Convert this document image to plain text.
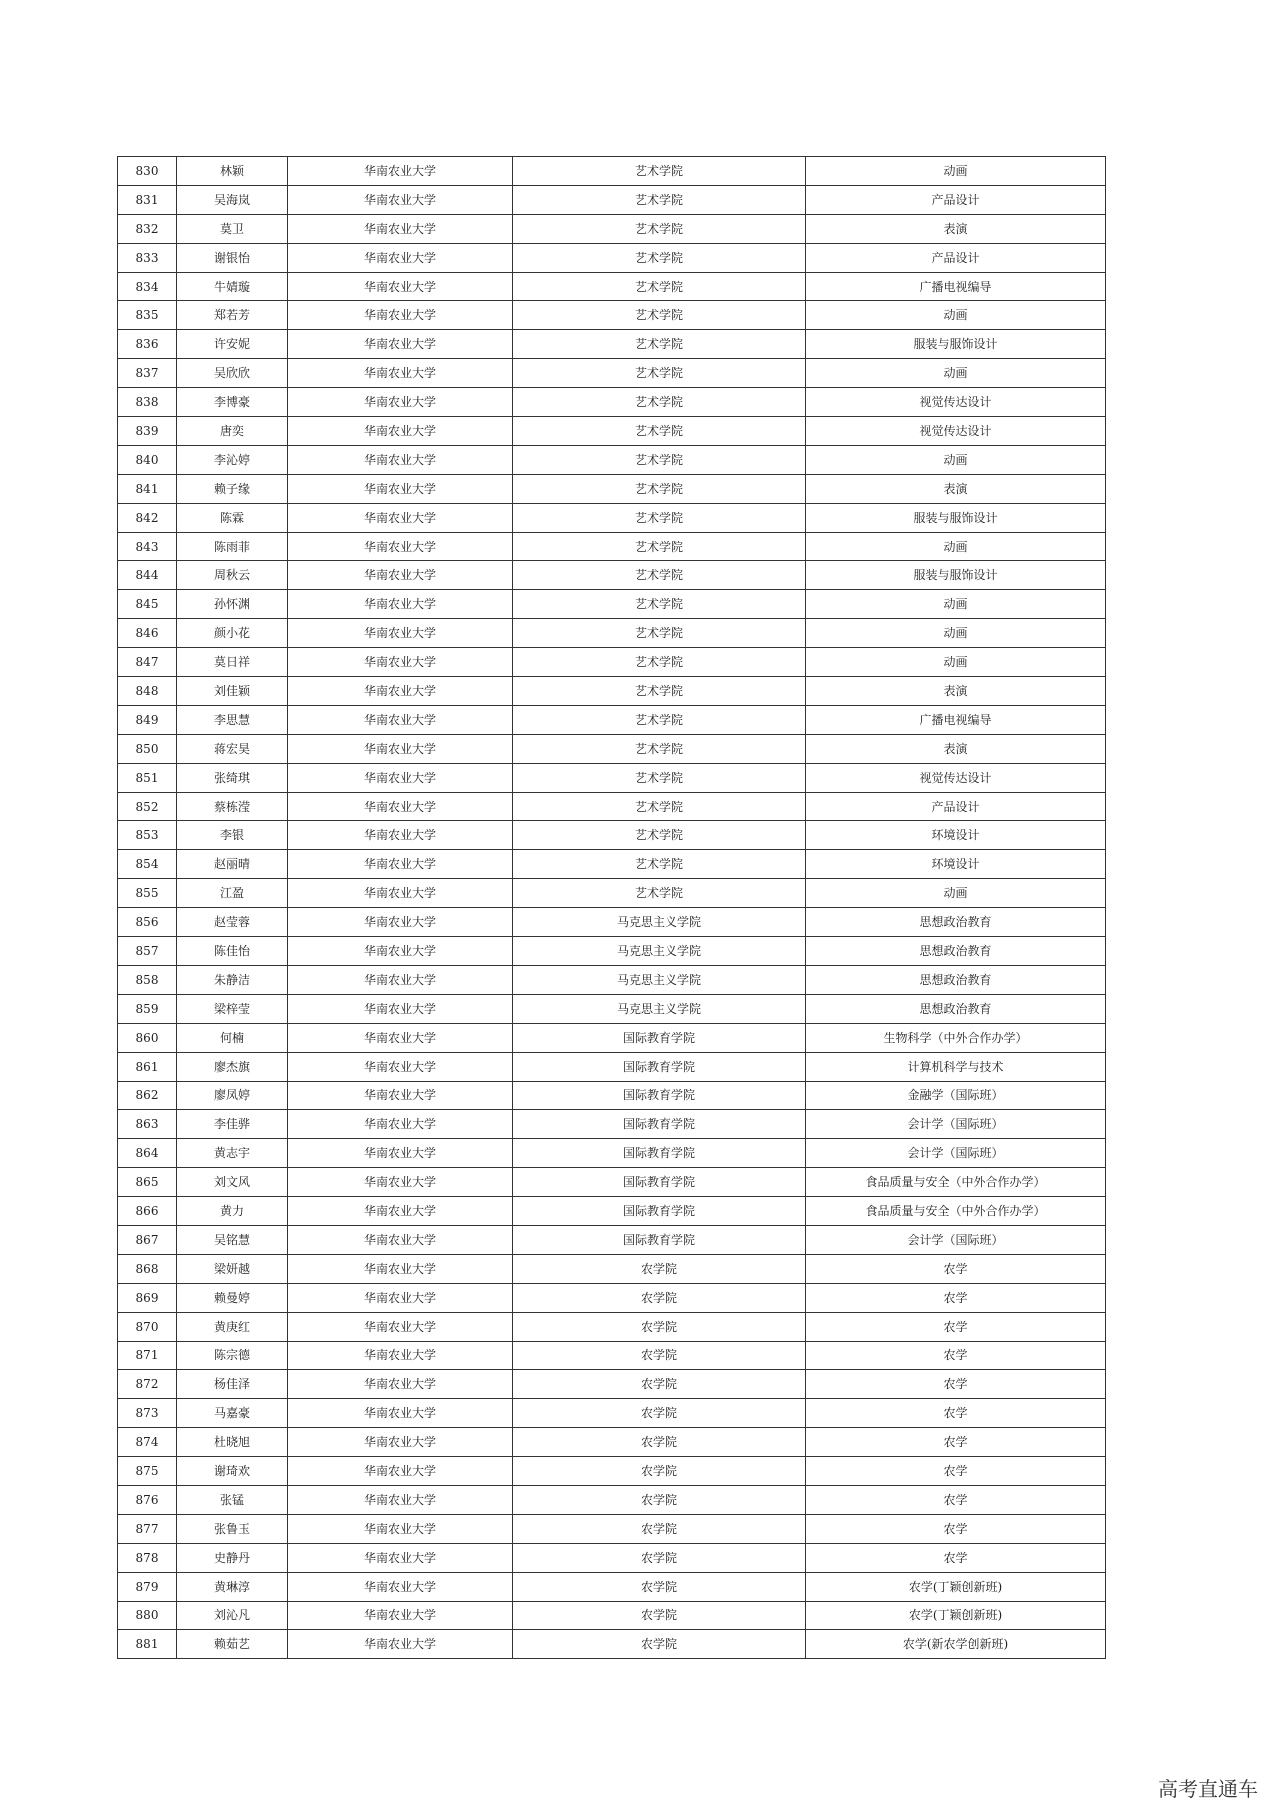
830	林颖	华南农业大学	艺术学院	动画
831	吴海岚	华南农业大学	艺术学院	产品设计
832	莫卫	华南农业大学	艺术学院	表演
833	谢银怡	华南农业大学	艺术学院	产品设计
834	牛婧璇	华南农业大学	艺术学院	广播电视编导
835	郑若芳	华南农业大学	艺术学院	动画
836	许安妮	华南农业大学	艺术学院	服装与服饰设计
837	吴欣欣	华南农业大学	艺术学院	动画
838	李博豪	华南农业大学	艺术学院	视觉传达设计
839	唐奕	华南农业大学	艺术学院	视觉传达设计
840	李沁婷	华南农业大学	艺术学院	动画
841	赖子缘	华南农业大学	艺术学院	表演
842	陈霖	华南农业大学	艺术学院	服装与服饰设计
843	陈雨菲	华南农业大学	艺术学院	动画
844	周秋云	华南农业大学	艺术学院	服装与服饰设计
845	孙怀渊	华南农业大学	艺术学院	动画
846	颜小花	华南农业大学	艺术学院	动画
847	莫日祥	华南农业大学	艺术学院	动画
848	刘佳颖	华南农业大学	艺术学院	表演
849	李思慧	华南农业大学	艺术学院	广播电视编导
850	蒋宏昊	华南农业大学	艺术学院	表演
851	张绮琪	华南农业大学	艺术学院	视觉传达设计
852	蔡栋滢	华南农业大学	艺术学院	产品设计
853	李银	华南农业大学	艺术学院	环境设计
854	赵丽晴	华南农业大学	艺术学院	环境设计
855	江盈	华南农业大学	艺术学院	动画
856	赵莹蓉	华南农业大学	马克思主义学院	思想政治教育
857	陈佳怡	华南农业大学	马克思主义学院	思想政治教育
858	朱静洁	华南农业大学	马克思主义学院	思想政治教育
859	梁梓莹	华南农业大学	马克思主义学院	思想政治教育
860	何楠	华南农业大学	国际教育学院	生物科学（中外合作办学）
861	廖杰旗	华南农业大学	国际教育学院	计算机科学与技术
862	廖凤婷	华南农业大学	国际教育学院	金融学（国际班）
863	李佳骅	华南农业大学	国际教育学院	会计学（国际班）
864	黄志宇	华南农业大学	国际教育学院	会计学（国际班）
865	刘文风	华南农业大学	国际教育学院	食品质量与安全（中外合作办学）
866	黄力	华南农业大学	国际教育学院	食品质量与安全（中外合作办学）
867	吴铭慧	华南农业大学	国际教育学院	会计学（国际班）
868	梁妍越	华南农业大学	农学院	农学
869	赖曼婷	华南农业大学	农学院	农学
870	黄庚红	华南农业大学	农学院	农学
871	陈宗德	华南农业大学	农学院	农学
872	杨佳泽	华南农业大学	农学院	农学
873	马嘉豪	华南农业大学	农学院	农学
874	杜晓旭	华南农业大学	农学院	农学
875	谢琦欢	华南农业大学	农学院	农学
876	张锰	华南农业大学	农学院	农学
877	张鲁玉	华南农业大学	农学院	农学
878	史静丹	华南农业大学	农学院	农学
879	黄琳淳	华南农业大学	农学院	农学(丁颖创新班)
880	刘沁凡	华南农业大学	农学院	农学(丁颖创新班)
881	赖茹艺	华南农业大学	农学院	农学(新农学创新班)
高考直通车
